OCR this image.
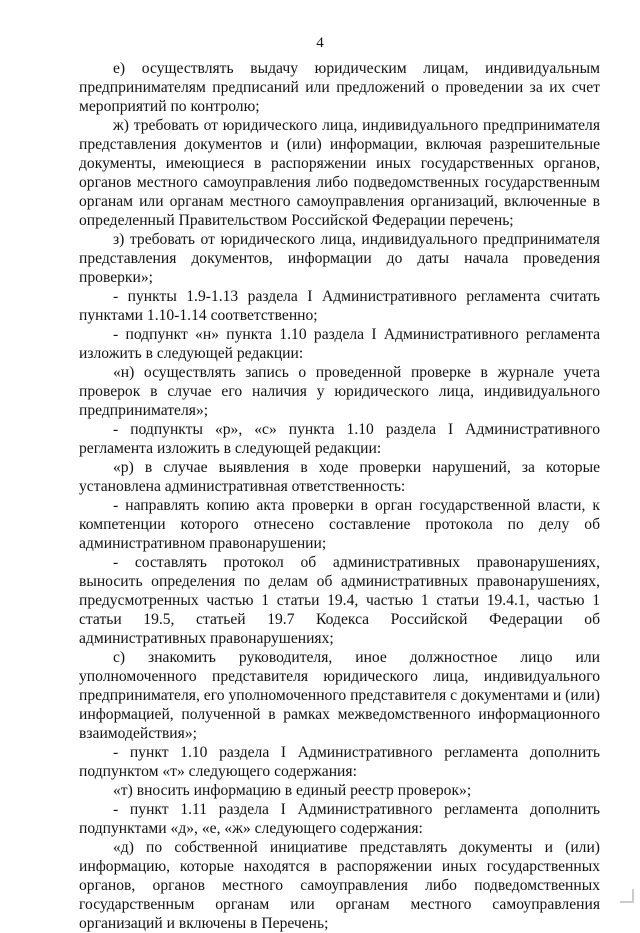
4

е) осуществлять выдачу юридическим лицам, индивидуальным предпринимателям предписаний или предложений о проведении за их счет мероприятий по контролю;

ж) требовать от юридического лица, индивидуального предпринимателя представления документов и (или) информации, включая разрешительные документы, имеющиеся в распоряжении иных государственных органов, органов местного самоуправления либо подведомственных государственным органам или органам местного самоуправления организаций, включенные в определенный Правительством Российской Федерации перечень;

з) требовать от юридического лица, индивидуального предпринимателя представления документов, информации до даты начала проведения проверки»;

- пункты 1.9-1.13 раздела I Административного регламента считать пунктами 1.10-1.14 соответственно;

- подпункт «н» пункта 1.10 раздела I Административного регламента изложить в следующей редакции:

«н) осуществлять запись о проведенной проверке в журнале учета проверок в случае его наличия у юридического лица, индивидуального предпринимателя»;

- подпункты «р», «с» пункта 1.10 раздела I Административного регламента изложить в следующей редакции:

«р) в случае выявления в ходе проверки нарушений, за которые установлена административная ответственность:

- направлять копию акта проверки в орган государственной власти, к компетенции которого отнесено составление протокола по делу об административном правонарушении;

- составлять протокол об административных правонарушениях, выносить определения по делам об административных правонарушениях, предусмотренных частью 1 статьи 19.4, частью 1 статьи 19.4.1, частью 1 статьи 19.5, статьей 19.7 Кодекса Российской Федерации об административных правонарушениях;

с) знакомить руководителя, иное должностное лицо или уполномоченного представителя юридического лица, индивидуального предпринимателя, его уполномоченного представителя с документами и (или) информацией, полученной в рамках межведомственного информационного взаимодействия»;

- пункт 1.10 раздела I Административного регламента дополнить подпунктом «т» следующего содержания:

«т) вносить информацию в единый реестр проверок»;

- пункт 1.11 раздела I Административного регламента дополнить подпунктами «д», «е, «ж» следующего содержания:

«д) по собственной инициативе представлять документы и (или) информацию, которые находятся в распоряжении иных государственных органов, органов местного самоуправления либо подведомственных государственным органам или органам местного самоуправления организаций и включены в Перечень;
